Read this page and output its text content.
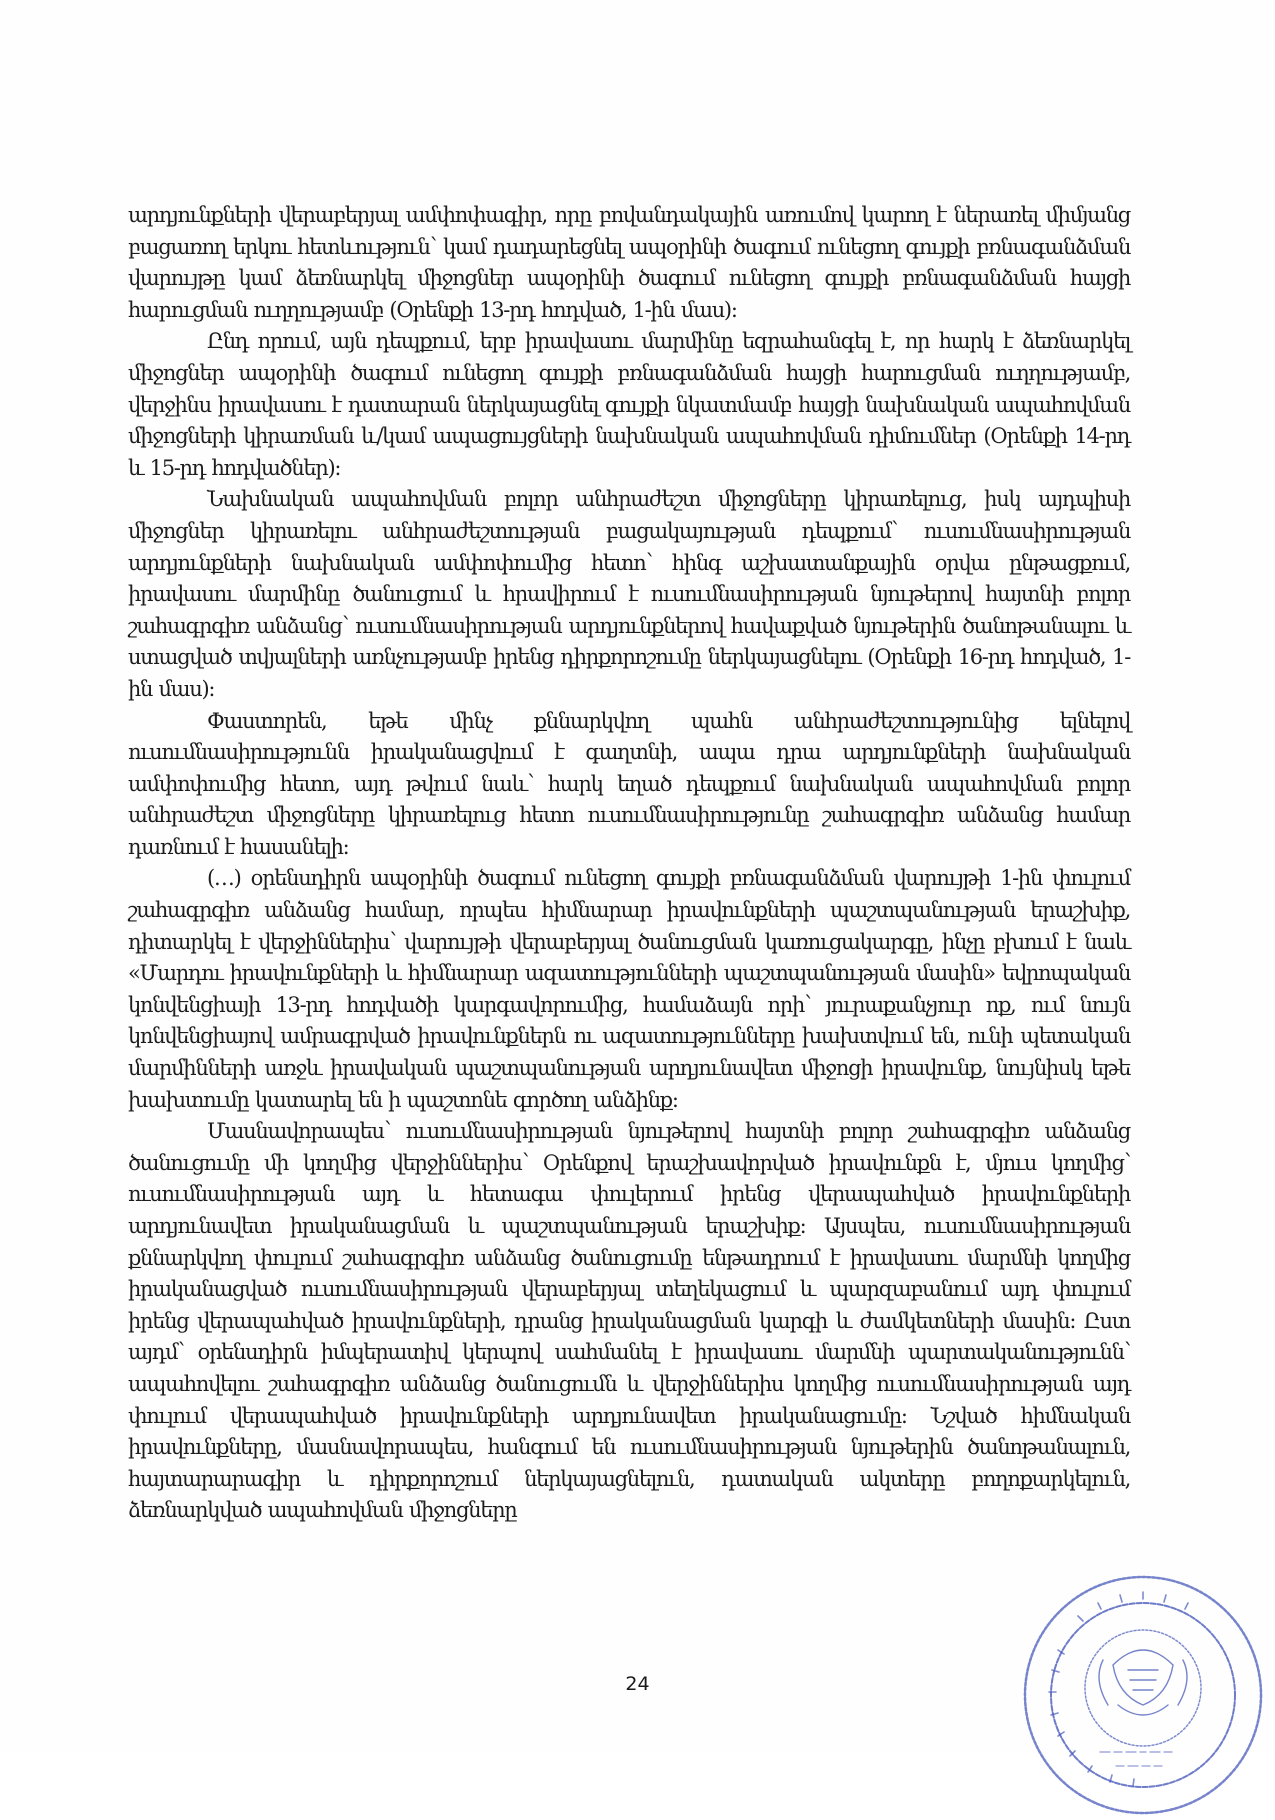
արդյունքների վերաբերյալ ամփոփագիր, որը բովանդակային առումով կարող է ներառել միմյանց բացառող երկու հետևություն՝ կամ դադարեցնել ապօրինի ծագում ունեցող գույքի բռնագանձման վարույթը կամ ձեռնարկել միջոցներ ապօրինի ծագում ունեցող գույքի բռնագանձման հայցի հարուցման ուղղությամբ (Օրենքի 13-րդ հոդված, 1-ին մաս):

Ընդ որում, այն դեպքում, երբ իրավասու մարմինը եզրահանգել է, որ հարկ է ձեռնարկել միջոցներ ապօրինի ծագում ունեցող գույքի բռնագանձման հայցի հարուցման ուղղությամբ, վերջինս իրավասու է դատարան ներկայացնել գույքի նկատմամբ հայցի նախնական ապահովման միջոցների կիրառման և/կամ ապացույցների նախնական ապահովման դիմումներ (Օրենքի 14-րդ և 15-րդ հոդվածներ):

Նախնական ապահովման բոլոր անհրաժեշտ միջոցները կիրառելուց, իսկ այդպիսի միջոցներ կիրառելու անհրաժեշտության բացակայության դեպքում՝ ուսումնասիրության արդյունքների նախնական ամփոփումից հետո՝ հինգ աշխատանքային օրվա ընթացքում, իրավասու մարմինը ծանուցում և հրավիրում է ուսումնասիրության նյութերով հայտնի բոլոր շահագրգիռ անձանց՝ ուսումնասիրության արդյունքներով հավաքված նյութերին ծանոթանալու և ստացված տվյալների առնչությամբ իրենց դիրքորոշումը ներկայացնելու (Օրենքի 16-րդ հոդված, 1-ին մաս):

Փաստորեն, եթե մինչ քննարկվող պահն անհրաժեշտությունից ելնելով ուսումնասիրությունն իրականացվում է գաղտնի, ապա դրա արդյունքների նախնական ամփոփումից հետո, այդ թվում նաև՝ հարկ եղած դեպքում նախնական ապահովման բոլոր անհրաժեշտ միջոցները կիրառելուց հետո ուսումնասիրությունը շահագրգիռ անձանց համար դառնում է հասանելի:

(…) օրենսդիրն ապօրինի ծագում ունեցող գույքի բռնագանձման վարույթի 1-ին փուլում շահագրգիռ անձանց համար, որպես հիմնարար իրավունքների պաշտպանության երաշխիք, դիտարկել է վերջիններիս՝ վարույթի վերաբերյալ ծանուցման կառուցակարգը, ինչը բխում է նաև «Մարդու իրավունքների և հիմնարար ազատությունների պաշտպանության մասին» եվրոպական կոնվենցիայի 13-րդ հոդվածի կարգավորումից, համաձայն որի՝ յուրաքանչյուր ոք, ում նույն կոնվենցիայով ամրագրված իրավունքներն ու ազատությունները խախտվում են, ունի պետական մարմինների առջև իրավական պաշտպանության արդյունավետ միջոցի իրավունք, նույնիսկ եթե խախտումը կատարել են ի պաշտոնե գործող անձինք:

Մասնավորապես՝ ուսումնասիրության նյութերով հայտնի բոլոր շահագրգիռ անձանց ծանուցումը մի կողմից վերջիններիս՝ Օրենքով երաշխավորված իրավունքն է, մյուս կողմից՝ ուսումնասիրության այդ և հետագա փուլերում իրենց վերապահված իրավունքների արդյունավետ իրականացման և պաշտպանության երաշխիք: Այսպես, ուսումնասիրության քննարկվող փուլում շահագրգիռ անձանց ծանուցումը ենթադրում է իրավասու մարմնի կողմից իրականացված ուսումնասիրության վերաբերյալ տեղեկացում և պարզաբանում այդ փուլում իրենց վերապահված իրավունքների, դրանց իրականացման կարգի և ժամկետների մասին: Ըստ այդմ՝ օրենսդիրն իմպերատիվ կերպով սահմանել է իրավասու մարմնի պարտականությունն՝ ապահովելու շահագրգիռ անձանց ծանուցումն և վերջիններիս կողմից ուսումնասիրության այդ փուլում վերապահված իրավունքների արդյունավետ իրականացումը: Նշված հիմնական իրավունքները, մասնավորապես, հանգում են ուսումնասիրության նյութերին ծանոթանալուն, հայտարարագիր և դիրքորոշում ներկայացնելուն, դատական ակտերը բողոքարկելուն, ձեռնարկված ապահովման միջոցները

24
